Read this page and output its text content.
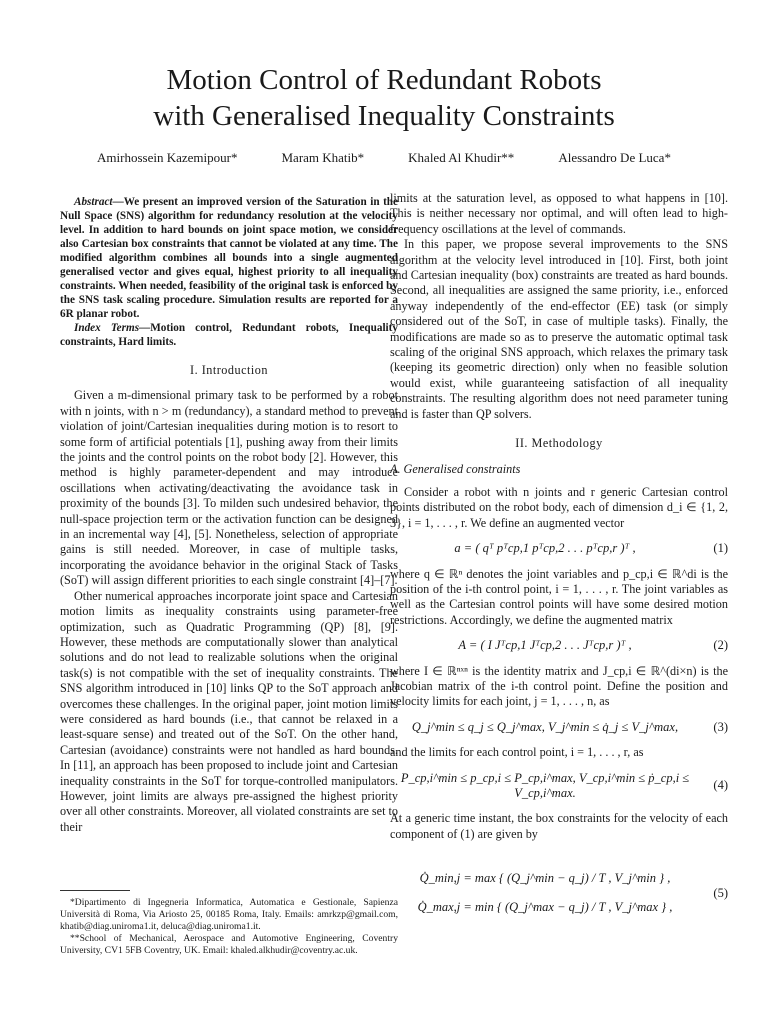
Motion Control of Redundant Robots
with Generalised Inequality Constraints
Amirhossein Kazemipour*	Maram Khatib*	Khaled Al Khudir**	Alessandro De Luca*

Abstract—We present an improved version of the Saturation in the Null Space (SNS) algorithm for redundancy resolution at the velocity level. In addition to hard bounds on joint space motion, we consider also Cartesian box constraints that cannot be violated at any time. The modified algorithm combines all bounds into a single augmented generalised vector and gives equal, highest priority to all inequality constraints. When needed, feasibility of the original task is enforced by the SNS task scaling procedure. Simulation results are reported for a 6R planar robot.

Index Terms—Motion control, Redundant robots, Inequality constraints, Hard limits.

I. Introduction

Given a m-dimensional primary task to be performed by a robot with n joints, with n > m (redundancy), a standard method to prevent violation of joint/Cartesian inequalities during motion is to resort to some form of artificial potentials [1], pushing away from their limits the joints and the control points on the robot body [2]. However, this method is highly parameter-dependent and may introduce oscillations when activating/deactivating the avoidance task in proximity of the bounds [3]. To milden such undesired behavior, the null-space projection term or the activation function can be designed in an incremental way [4], [5]. Nonetheless, selection of appropriate gains is still needed. Moreover, in case of multiple tasks, incorporating the avoidance behavior in the original Stack of Tasks (SoT) will assign different priorities to each single constraint [4]–[7].

Other numerical approaches incorporate joint space and Cartesian motion limits as inequality constraints using parameter-free optimization, such as Quadratic Programming (QP) [8], [9]. However, these methods are computationally slower than analytical solutions and do not lead to realizable solutions when the original task(s) is not compatible with the set of inequality constraints. The SNS algorithm introduced in [10] links QP to the SoT approach and overcomes these challenges. In the original paper, joint motion limits were considered as hard bounds (i.e., that cannot be relaxed in a least-square sense) and treated out of the SoT. On the other hand, Cartesian (avoidance) constraints were not handled as hard bounds. In [11], an approach has been proposed to include joint and Cartesian inequality constraints in the SoT for torque-controlled manipulators. However, joint limits are always pre-assigned the highest priority over all other constraints. Moreover, all violated constraints are set to their

limits at the saturation level, as opposed to what happens in [10]. This is neither necessary nor optimal, and will often lead to high-frequency oscillations at the level of commands.

In this paper, we propose several improvements to the SNS algorithm at the velocity level introduced in [10]. First, both joint and Cartesian inequality (box) constraints are treated as hard bounds. Second, all inequalities are assigned the same priority, i.e., enforced anyway independently of the end-effector (EE) task (or simply considered out of the SoT, in case of multiple tasks). Finally, the modifications are made so as to preserve the automatic optimal task scaling of the original SNS approach, which relaxes the primary task (keeping its geometric direction) only when no feasible solution would exist, while guaranteeing satisfaction of all inequality constraints. The resulting algorithm does not need parameter tuning and is faster than QP solvers.

II. Methodology
A. Generalised constraints

Consider a robot with n joints and r generic Cartesian control points distributed on the robot body, each of dimension d_i ∈ {1, 2, 3}, i = 1, . . . , r. We define an augmented vector

a = ( qᵀ pᵀcp,1 pᵀcp,2 . . . pᵀcp,r )ᵀ ,	(1)

where q ∈ ℝⁿ denotes the joint variables and p_cp,i ∈ ℝ^di is the position of the i-th control point, i = 1, . . . , r. The joint variables as well as the Cartesian control points will have some desired motion restrictions. Accordingly, we define the augmented matrix

A = ( I Jᵀcp,1 Jᵀcp,2 . . . Jᵀcp,r )ᵀ ,	(2)

where I ∈ ℝⁿˣⁿ is the identity matrix and J_cp,i ∈ ℝ^(di×n) is the Jacobian matrix of the i-th control point. Define the position and velocity limits for each joint, j = 1, . . . , n, as

Q_j^min ≤ q_j ≤ Q_j^max, V_j^min ≤ q̇_j ≤ V_j^max,	(3)

and the limits for each control point, i = 1, . . . , r, as

P_cp,i^min ≤ p_cp,i ≤ P_cp,i^max, V_cp,i^min ≤ ṗ_cp,i ≤ V_cp,i^max.
(4)

At a generic time instant, the box constraints for the velocity of each component of (1) are given by

Q̇_min,j = max { (Q_j^min − q_j) / T , V_j^min } ,
Q̇_max,j = min { (Q_j^max − q_j) / T , V_j^max } ,
(5)

*Dipartimento di Ingegneria Informatica, Automatica e Gestionale, Sapienza Università di Roma, Via Ariosto 25, 00185 Roma, Italy. Emails: amrkzp@gmail.com, khatib@diag.uniroma1.it, deluca@diag.uniroma1.it.

**School of Mechanical, Aerospace and Automotive Engineering, Coventry University, CV1 5FB Coventry, UK. Email: khaled.alkhudir@coventry.ac.uk.
